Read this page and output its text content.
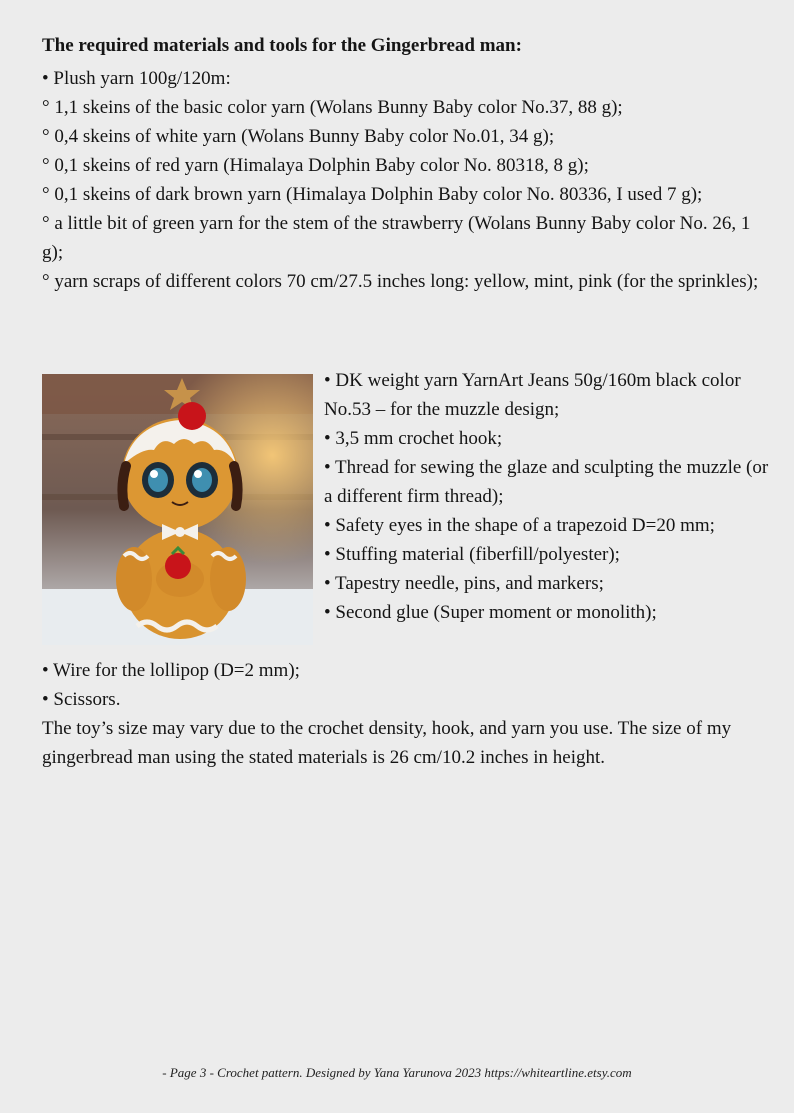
The required materials and tools for the Gingerbread man:
• Plush yarn 100g/120m:
° 1,1 skeins of the basic color yarn (Wolans Bunny Baby color No.37, 88 g);
° 0,4 skeins of white yarn (Wolans Bunny Baby color No.01, 34 g);
° 0,1 skeins of red yarn (Himalaya Dolphin Baby color No. 80318, 8 g);
° 0,1 skeins of dark brown yarn (Himalaya Dolphin Baby color No. 80336, I used 7 g);
° a little bit of green yarn for the stem of the strawberry (Wolans Bunny Baby color No. 26, 1 g);
° yarn scraps of different colors 70 cm/27.5 inches long: yellow, mint, pink (for the sprinkles);
• DK weight yarn YarnArt Jeans 50g/160m black color No.53 – for the muzzle design;
• 3,5 mm crochet hook;
• Thread for sewing the glaze and sculpting the muzzle (or a different firm thread);
• Safety eyes in the shape of a trapezoid D=20 mm;
• Stuffing material (fiberfill/polyester);
• Tapestry needle, pins, and markers;
• Second glue (Super moment or monolith);
• Wire for the lollipop (D=2 mm);
• Scissors.
The toy’s size may vary due to the crochet density, hook, and yarn you use. The size of my gingerbread man using the stated materials is 26 cm/10.2 inches in height.
- Page 3 - Crochet pattern. Designed by Yana Yarunova 2023 https://whiteartline.etsy.com
